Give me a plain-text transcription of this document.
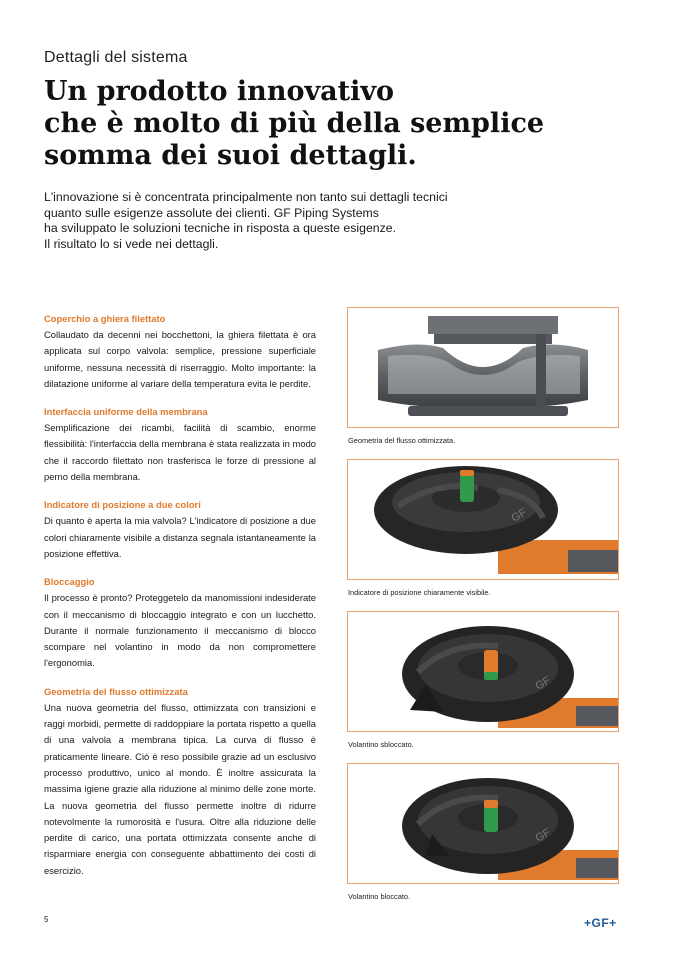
Dettagli del sistema
Un prodotto innovativo
che è molto di più della semplice
somma dei suoi dettagli.
L'innovazione si è concentrata principalmente non tanto sui dettagli tecnici
quanto sulle esigenze assolute dei clienti. GF Piping Systems
ha sviluppato le soluzioni tecniche in risposta a queste esigenze.
Il risultato lo si vede nei dettagli.
Coperchio a ghiera filettato

Collaudato da decenni nei bocchettoni, la ghiera filettata è ora applicata sul corpo valvola: semplice, pressione superficiale uniforme, nessuna necessità di riserraggio. Molto importante: la dilatazione uniforme al variare della temperatura evita le perdite.

Interfaccia uniforme della membrana

Semplificazione dei ricambi, facilità di scambio, enorme flessibilità: l'interfaccia della membrana è stata realizzata in modo che il raccordo filettato non trasferisca le forze di pressione al perno della membrana.

Indicatore di posizione a due colori

Di quanto è aperta la mia valvola? L'indicatore di posizione a due colori chiaramente visibile a distanza segnala istantaneamente la posizione effettiva.

Bloccaggio

Il processo è pronto? Proteggetelo da manomissioni indesiderate con il meccanismo di bloccaggio integrato e con un lucchetto. Durante il normale funzionamento il meccanismo di blocco scompare nel volantino in modo da non compromettere l'ergonomia.

Geometria del flusso ottimizzata

Una nuova geometria del flusso, ottimizzata con transizioni e raggi morbidi, permette di raddoppiare la portata rispetto a quella di una valvola a membrana tipica. La curva di flusso è praticamente lineare. Ciò è reso possibile grazie ad un esclusivo processo produttivo, unico al mondo. È inoltre assicurata la massima igiene grazie alla riduzione al minimo delle zone morte. La nuova geometria del flusso permette inoltre di ridurre notevolmente la rumorosità e l'usura. Oltre alla riduzione delle perdite di carico, una portata ottimizzata consente anche di risparmiare energia con conseguente abbattimento dei costi di esercizio.

Geometria del flusso ottimizzata.
GF
Indicatore di posizione chiaramente visibile.
GF
Volantino sbloccato.
GF
Volantino bloccato.
5	+GF+
